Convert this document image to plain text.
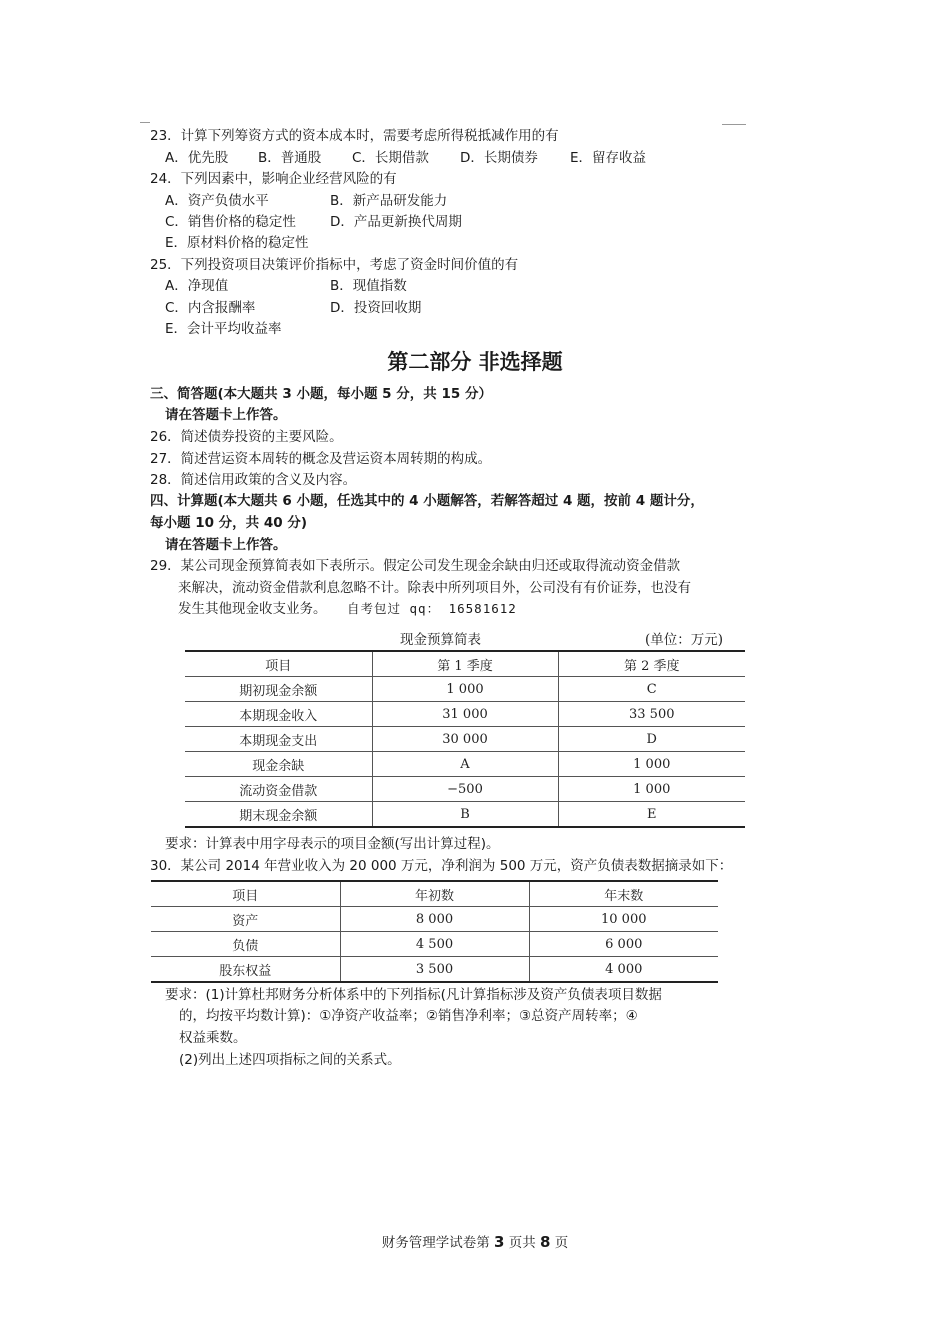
23．计算下列筹资方式的资本成本时，需要考虑所得税抵减作用的有
A．优先股 B．普通股 C．长期借款 D．长期债券 E．留存收益
24．下列因素中，影响企业经营风险的有
A．资产负债水平	B．新产品研发能力
C．销售价格的稳定性	D．产品更新换代周期
E．原材料价格的稳定性
25．下列投资项目决策评价指标中，考虑了资金时间价值的有
A．净现值	B．现值指数
C．内含报酬率	D．投资回收期
E．会计平均收益率
第二部分 非选择题
三、简答题(本大题共 3 小题，每小题 5 分，共 15 分）
请在答题卡上作答。
26．简述债券投资的主要风险。
27．简述营运资本周转的概念及营运资本周转期的构成。
28．简述信用政策的含义及内容。
四、计算题(本大题共 6 小题，任选其中的 4 小题解答，若解答超过 4 题，按前 4 题计分，
每小题 10 分，共 40 分)
请在答题卡上作答。
29．某公司现金预算简表如下表所示。假定公司发生现金余缺由归还或取得流动资金借款
来解决，流动资金借款利息忽略不计。除表中所列项目外，公司没有有价证券，也没有
发生其他现金收支业务。 自考包过 qq： 16581612
现金预算简表	(单位：万元)
项目	第 1 季度	第 2 季度
期初现金余额	1 000	C
本期现金收入	31 000	33 500
本期现金支出	30 000	D
现金余缺	A	1 000
流动资金借款	−500	1 000
期末现金余额	B	E
要求：计算表中用字母表示的项目金额(写出计算过程)。
30．某公司 2014 年营业收入为 20 000 万元，净利润为 500 万元，资产负债表数据摘录如下：
项目	年初数	年末数
资产	8 000	10 000
负债	4 500	6 000
股东权益	3 500	4 000
要求：(1)计算杜邦财务分析体系中的下列指标(凡计算指标涉及资产负债表项目数据
的，均按平均数计算)：①净资产收益率；②销售净利率；③总资产周转率；④
权益乘数。
(2)列出上述四项指标之间的关系式。
财务管理学试卷第 3 页共 8 页
